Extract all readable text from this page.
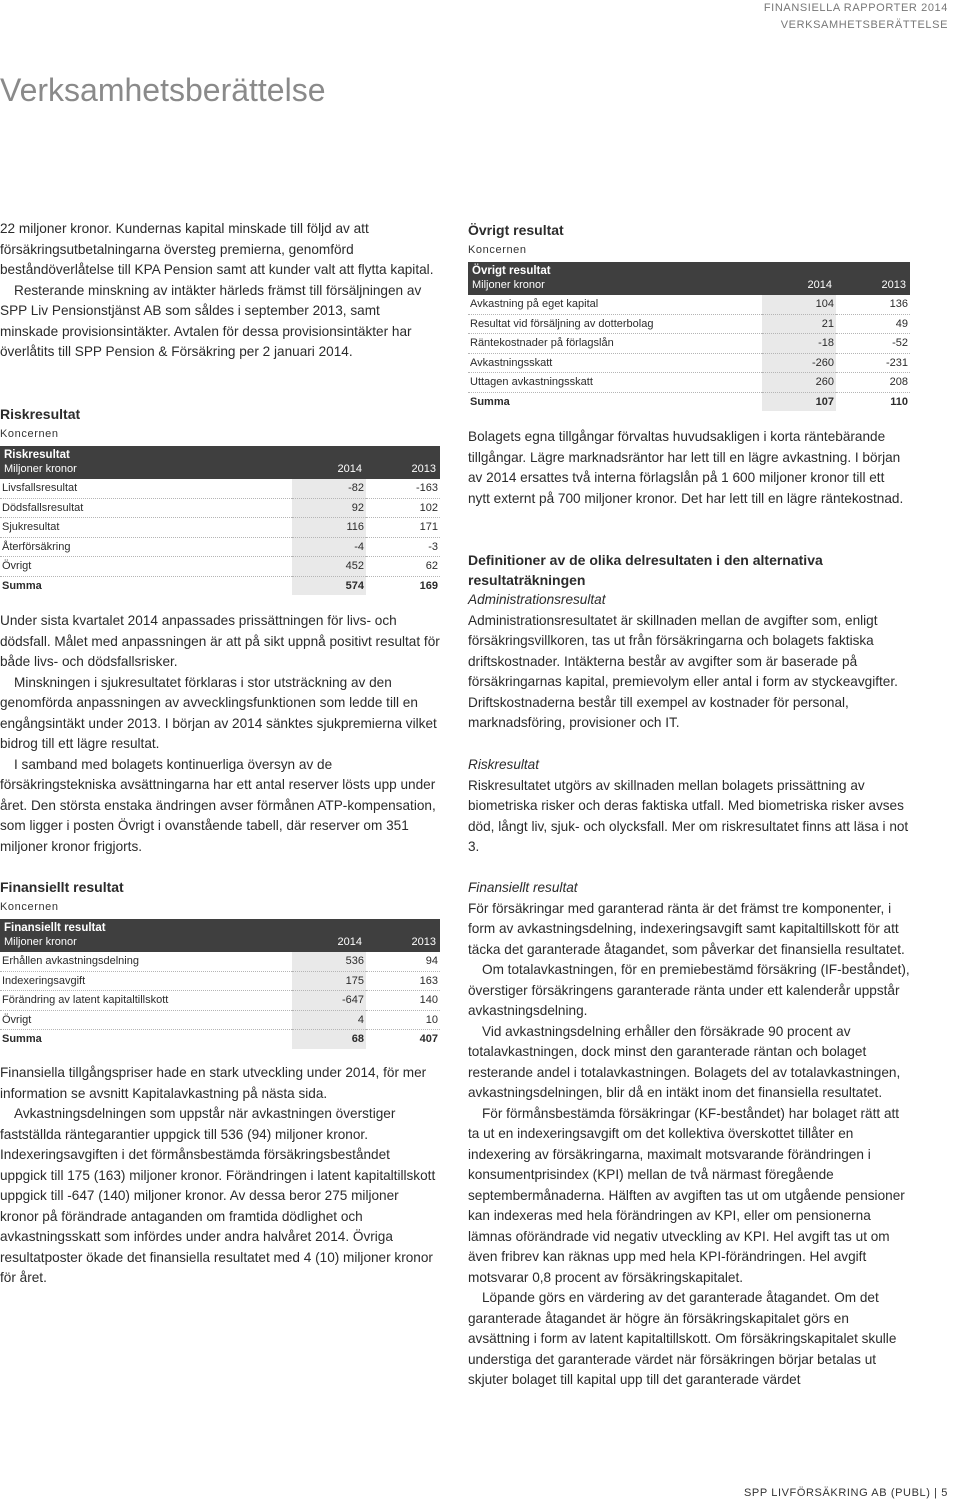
FINANSIELLA RAPPORTER 2014
VERKSAMHETSBERÄTTELSE
Verksamhetsberättelse

22 miljoner kronor. Kundernas kapital minskade till följd av att försäkringsutbetalningarna översteg premierna, genomförd beståndöverlåtelse till KPA Pension samt att kunder valt att flytta kapital.

Resterande minskning av intäkter härleds främst till försäljningen av SPP Liv Pensionstjänst AB som såldes i september 2013, samt minskade provisionsintäkter. Avtalen för dessa provisionsintäkter har överlåtits till SPP Pension & Försäkring per 2 januari 2014.

Riskresultat
Koncernen
Riskresultat		
Miljoner kronor	2014	2013
Livsfallsresultat	-82	-163
Dödsfallsresultat	92	102
Sjukresultat	116	171
Återförsäkring	-4	-3
Övrigt	452	62
Summa	574	169

Under sista kvartalet 2014 anpassades prissättningen för livs- och dödsfall. Målet med anpassningen är att på sikt uppnå positivt resultat för både livs- och dödsfallsrisker.

Minskningen i sjukresultatet förklaras i stor utsträckning av den genomförda anpassningen av avvecklingsfunktionen som ledde till en engångsintäkt under 2013. I början av 2014 sänktes sjukpremierna vilket bidrog till ett lägre resultat.

I samband med bolagets kontinuerliga översyn av de försäkringstekniska avsättningarna har ett antal reserver lösts upp under året. Den största enstaka ändringen avser förmånen ATP-kompensation, som ligger i posten Övrigt i ovanstående tabell, där reserver om 351 miljoner kronor frigjorts.

Finansiellt resultat
Koncernen
Finansiellt resultat		
Miljoner kronor	2014	2013
Erhållen avkastningsdelning	536	94
Indexeringsavgift	175	163
Förändring av latent kapitaltillskott	-647	140
Övrigt	4	10
Summa	68	407

Finansiella tillgångspriser hade en stark utveckling under 2014, för mer information se avsnitt Kapitalavkastning på nästa sida.

Avkastningsdelningen som uppstår när avkastningen överstiger fastställda räntegarantier uppgick till 536 (94) miljoner kronor. Indexeringsavgiften i det förmånsbestämda försäkringsbeståndet uppgick till 175 (163) miljoner kronor. Förändringen i latent kapitaltillskott uppgick till -647 (140) miljoner kronor. Av dessa beror 275 miljoner kronor på förändrade antaganden om framtida dödlighet och avkastningsskatt som infördes under andra halvåret 2014. Övriga resultatposter ökade det finansiella resultatet med 4 (10) miljoner kronor för året.

Övrigt resultat
Koncernen
Övrigt resultat		
Miljoner kronor	2014	2013
Avkastning på eget kapital	104	136
Resultat vid försäljning av dotterbolag	21	49
Räntekostnader på förlagslån	-18	-52
Avkastningsskatt	-260	-231
Uttagen avkastningsskatt	260	208
Summa	107	110

Bolagets egna tillgångar förvaltas huvudsakligen i korta räntebärande tillgångar. Lägre marknadsräntor har lett till en lägre avkastning. I början av 2014 ersattes två interna förlagslån på 1 600 miljoner kronor till ett nytt externt på 700 miljoner kronor. Det har lett till en lägre räntekostnad.

Definitioner av de olika delresultaten i den alternativa resultaträkningen
Administrationsresultat

Administrationsresultatet är skillnaden mellan de avgifter som, enligt försäkringsvillkoren, tas ut från försäkringarna och bolagets faktiska driftskostnader. Intäkterna består av avgifter som är baserade på försäkringarnas kapital, premievolym eller antal i form av styckeavgifter. Driftskostnaderna består till exempel av kostnader för personal, marknadsföring, provisioner och IT.

Riskresultat

Riskresultatet utgörs av skillnaden mellan bolagets prissättning av biometriska risker och deras faktiska utfall. Med biometriska risker avses död, långt liv, sjuk- och olycksfall. Mer om riskresultatet finns att läsa i not 3.

Finansiellt resultat

För försäkringar med garanterad ränta är det främst tre komponenter, i form av avkastningsdelning, indexeringsavgift samt kapitaltillskott för att täcka det garanterade åtagandet, som påverkar det finansiella resultatet.

Om totalavkastningen, för en premiebestämd försäkring (IF-beståndet), överstiger försäkringens garanterade ränta under ett kalenderår uppstår avkastningsdelning.

Vid avkastningsdelning erhåller den försäkrade 90 procent av totalavkastningen, dock minst den garanterade räntan och bolaget resterande andel i totalavkastningen. Bolagets del av totalavkastningen, avkastningsdelningen, blir då en intäkt inom det finansiella resultatet.

För förmånsbestämda försäkringar (KF-beståndet) har bolaget rätt att ta ut en indexeringsavgift om det kollektiva överskottet tillåter en indexering av försäkringarna, maximalt motsvarande förändringen i konsumentprisindex (KPI) mellan de två närmast föregående septembermånaderna. Hälften av avgiften tas ut om utgående pensioner kan indexeras med hela förändringen av KPI, eller om pensionerna lämnas oförändrade vid negativ utveckling av KPI. Hel avgift tas ut om även fribrev kan räknas upp med hela KPI-förändringen. Hel avgift motsvarar 0,8 procent av försäkringskapitalet.

Löpande görs en värdering av det garanterade åtagandet. Om det garanterade åtagandet är högre än försäkringskapitalet görs en avsättning i form av latent kapitaltillskott. Om försäkringskapitalet skulle understiga det garanterade värdet när försäkringen börjar betalas ut skjuter bolaget till kapital upp till det garanterade värdet

SPP LIVFÖRSÄKRING AB (PUBL) | 5
